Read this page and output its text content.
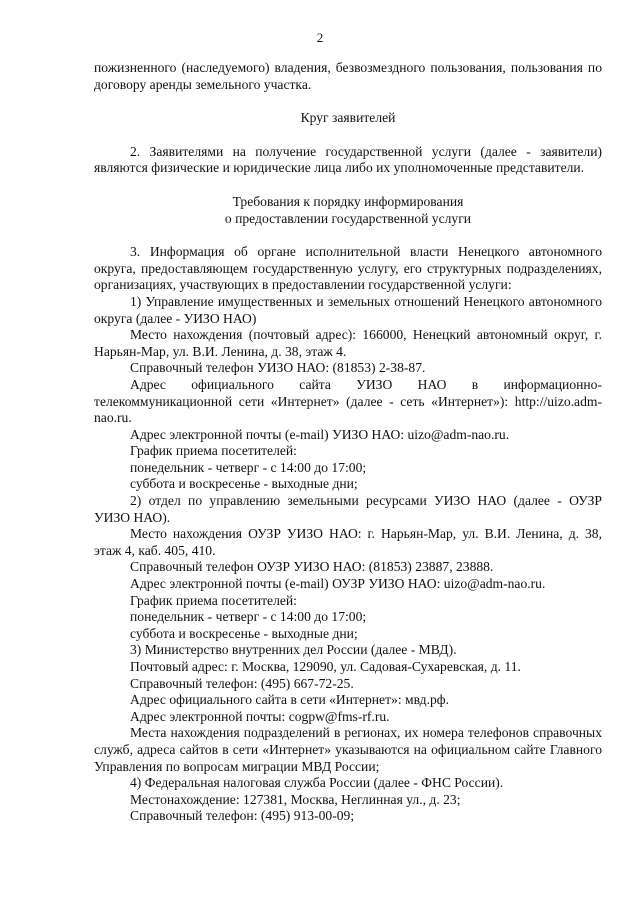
2

пожизненного (наследуемого) владения, безвозмездного пользования, пользования по договору аренды земельного участка.

Круг заявителей

2. Заявителями на получение государственной услуги (далее - заявители) являются физические и юридические лица либо их уполномоченные представители.

Требования к порядку информирования

о предоставлении государственной услуги

3. Информация об органе исполнительной власти Ненецкого автономного округа, предоставляющем государственную услугу, его структурных подразделениях, организациях, участвующих в предоставлении государственной услуги:

1) Управление имущественных и земельных отношений Ненецкого автономного округа (далее - УИЗО НАО)

Место нахождения (почтовый адрес): 166000, Ненецкий автономный округ, г. Нарьян-Мар, ул. В.И. Ленина, д. 38, этаж 4.

Справочный телефон УИЗО НАО: (81853) 2-38-87.

Адрес официального сайта УИЗО НАО в информационно-телекоммуникационной сети «Интернет» (далее - сеть «Интернет»): http://uizo.adm-nao.ru.

Адрес электронной почты (e-mail) УИЗО НАО: uizo@adm-nao.ru.

График приема посетителей:

понедельник - четверг - с 14:00 до 17:00;

суббота и воскресенье - выходные дни;

2) отдел по управлению земельными ресурсами УИЗО НАО (далее - ОУЗР УИЗО НАО).

Место нахождения ОУЗР УИЗО НАО: г. Нарьян-Мар, ул. В.И. Ленина, д. 38, этаж 4, каб. 405, 410.

Справочный телефон ОУЗР УИЗО НАО: (81853) 23887, 23888.

Адрес электронной почты (e-mail) ОУЗР УИЗО НАО: uizo@adm-nao.ru.

График приема посетителей:

понедельник - четверг - с 14:00 до 17:00;

суббота и воскресенье - выходные дни;

3) Министерство внутренних дел России (далее - МВД).

Почтовый адрес: г. Москва, 129090, ул. Садовая-Сухаревская, д. 11.

Справочный телефон: (495) 667-72-25.

Адрес официального сайта в сети «Интернет»: мвд.рф.

Адрес электронной почты: cogpw@fms-rf.ru.

Места нахождения подразделений в регионах, их номера телефонов справочных служб, адреса сайтов в сети «Интернет» указываются на официальном сайте Главного Управления по вопросам миграции МВД России;

4) Федеральная налоговая служба России (далее - ФНС России).

Местонахождение: 127381, Москва, Неглинная ул., д. 23;

Справочный телефон: (495) 913-00-09;
